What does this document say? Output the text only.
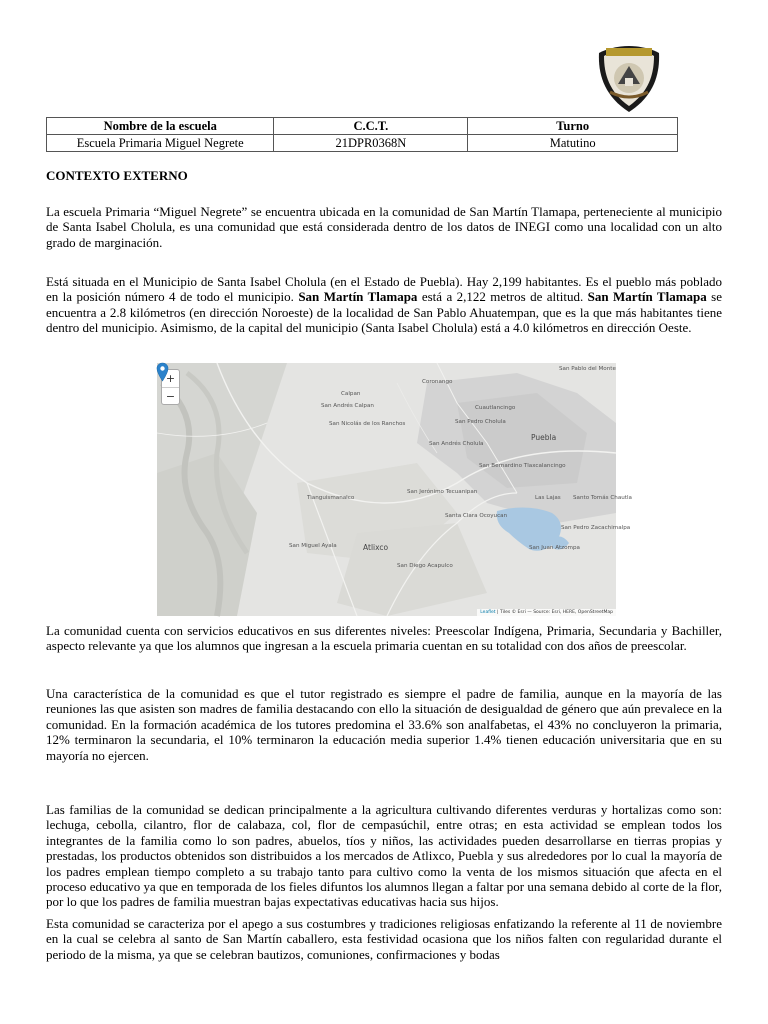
Nombre de la escuela	C.C.T.	Turno
Escuela Primaria Miguel Negrete	21DPR0368N	Matutino
CONTEXTO EXTERNO

La escuela Primaria “Miguel Negrete” se encuentra ubicada en la comunidad de San Martín Tlamapa, perteneciente al municipio de Santa Isabel Cholula, es una comunidad que está considerada dentro de los datos de INEGI como una localidad con un alto grado de marginación.

Está situada en el Municipio de Santa Isabel Cholula (en el Estado de Puebla). Hay 2,199 habitantes. Es el pueblo más poblado en la posición número 4 de todo el municipio. San Martín Tlamapa está a 2,122 metros de altitud. San Martín Tlamapa se encuentra a 2.8 kilómetros (en dirección Noroeste) de la localidad de San Pablo Ahuatempan, que es la que más habitantes tiene dentro del municipio. Asimismo, de la capital del municipio (Santa Isabel Cholula) está a 4.0 kilómetros en dirección Oeste.

+
−
San Pablo del Monte
Coronango
Cuautlancingo
San Pedro Cholula
San Andrés Cholula
Puebla
San Bernardino Tlaxcalancingo
Tianguismanalco
San Jerónimo Tecuanipan
Santa Clara Ocoyucan
Atlixco
San Miguel Ayala	San Juan Atzompa
San Pedro Zacachimalpa
Santo Tomás Chautla
Calpan
San Andrés Calpan
San Nicolás de los Ranchos
Las Lajas
San Diego Acapulco
Leaflet | Tiles © Esri — Source: Esri, HERE, OpenStreetMap

La comunidad cuenta con servicios educativos en sus diferentes niveles: Preescolar Indígena, Primaria, Secundaria y Bachiller, aspecto relevante ya que los alumnos que ingresan a la escuela primaria cuentan en su totalidad con dos años de preescolar.

Una característica de la comunidad es que el tutor registrado es siempre el padre de familia, aunque en la mayoría de las reuniones las que asisten son madres de familia destacando con ello la situación de desigualdad de género que aún prevalece en la comunidad. En la formación académica de los tutores predomina el 33.6% son analfabetas, el 43% no concluyeron la primaria, 12% terminaron la secundaria, el 10% terminaron la educación media superior 1.4% tienen educación universitaria que en su mayoría no ejercen.

Las familias de la comunidad se dedican principalmente a la agricultura cultivando diferentes verduras y hortalizas como son: lechuga, cebolla, cilantro, flor de calabaza, col, flor de cempasúchil, entre otras; en esta actividad se emplean todos los integrantes de la familia como lo son padres, abuelos, tíos y niños, las actividades pueden desarrollarse en tierras propias y prestadas, los productos obtenidos son distribuidos a los mercados de Atlixco, Puebla y sus alrededores por lo cual la mayoría de los padres emplean tiempo completo a su trabajo tanto para cultivo como la venta de los mismos situación que afecta en el proceso educativo ya que en temporada de los fieles difuntos los alumnos llegan a faltar por una semana debido al corte de la flor, por lo que los padres de familia muestran bajas expectativas educativas hacia sus hijos.

Esta comunidad se caracteriza por el apego a sus costumbres y tradiciones religiosas enfatizando la referente al 11 de noviembre en la cual se celebra al santo de San Martín caballero, esta festividad ocasiona que los niños falten con regularidad durante el periodo de la misma, ya que se celebran bautizos, comuniones, confirmaciones y bodas
